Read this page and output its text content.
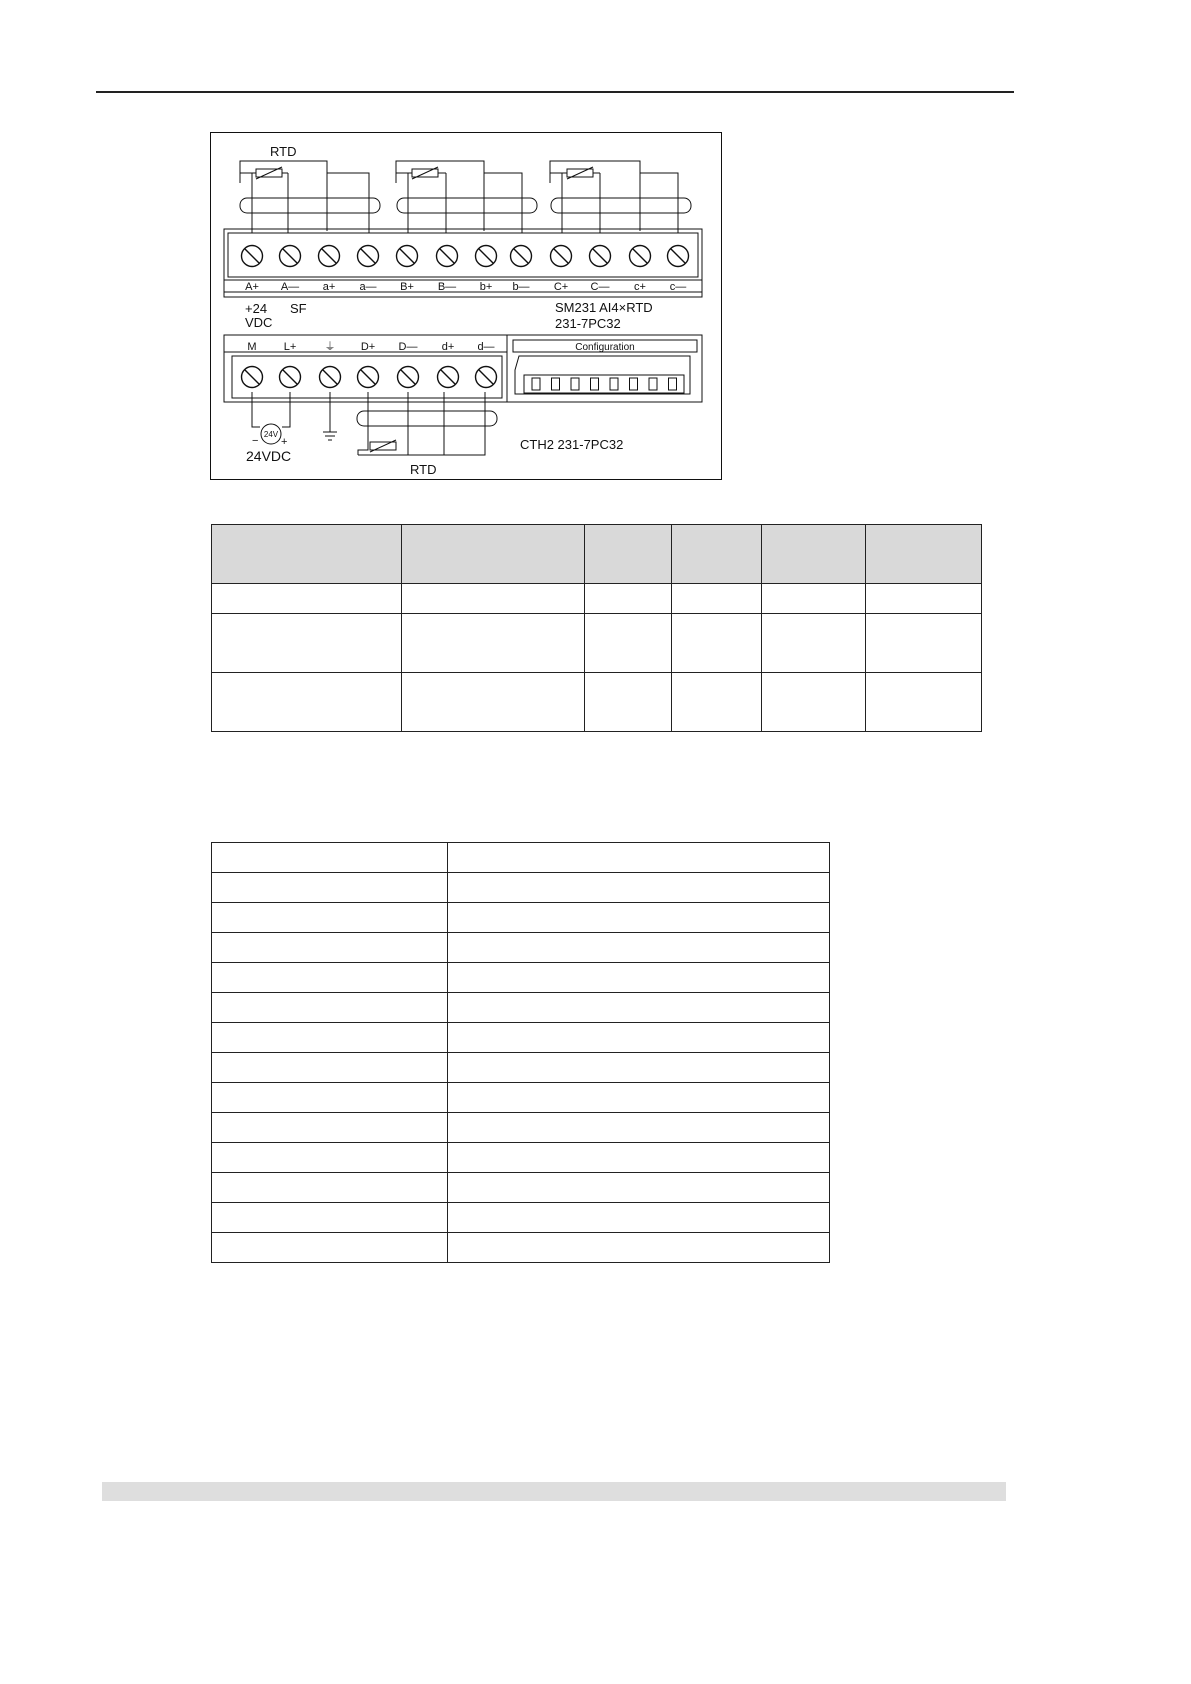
RTD
A+ A— a+ a— B+ B— b+ b— C+ C— c+ c—
+24
VDC
SF	SM231 AI4×RTD
231-7PC32
M L+	⏚ D+ D— d+ d—	Configuration
24V
− +
24VDC
RTD
CTH2 231-7PC32
